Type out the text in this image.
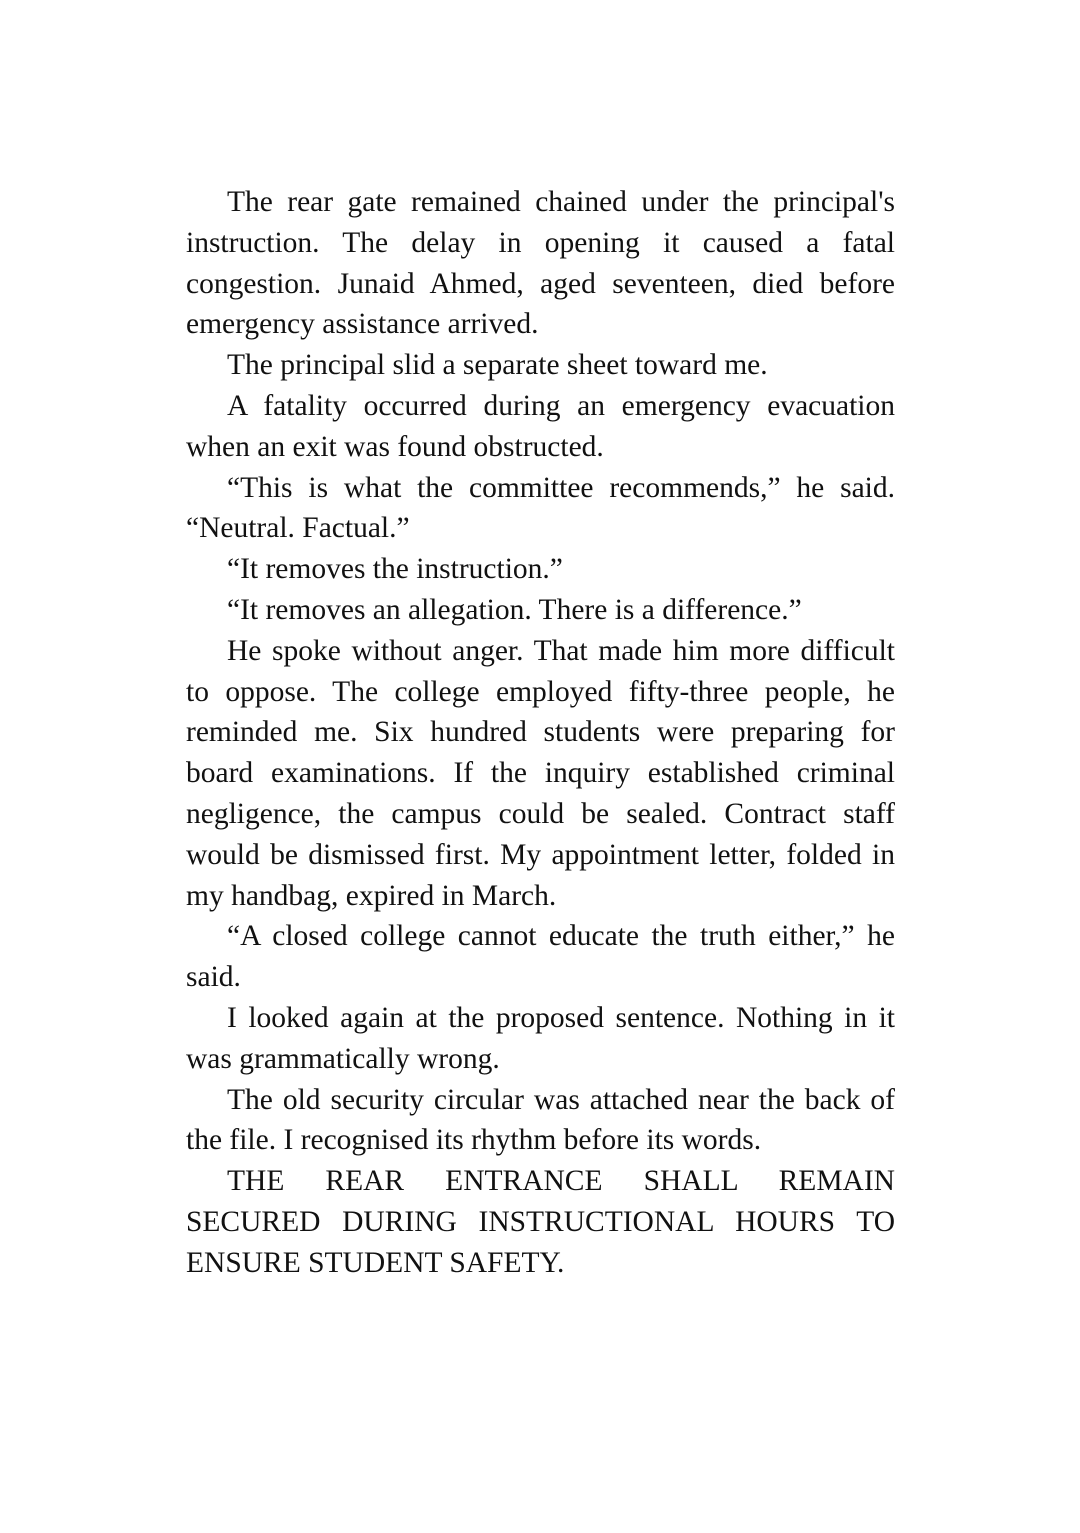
The rear gate remained chained under the principal's instruction. The delay in opening it caused a fatal congestion. Junaid Ahmed, aged seventeen, died before emergency assistance arrived.

The principal slid a separate sheet toward me.

A fatality occurred during an emergency evacuation when an exit was found obstructed.

“This is what the committee recommends,” he said. “Neutral. Factual.”

“It removes the instruction.”

“It removes an allegation. There is a difference.”

He spoke without anger. That made him more difficult to oppose. The college employed fifty-three people, he reminded me. Six hundred students were preparing for board examinations. If the inquiry established criminal negligence, the campus could be sealed. Contract staff would be dismissed first. My appointment letter, folded in my handbag, expired in March.

“A closed college cannot educate the truth either,” he said.

I looked again at the proposed sentence. Nothing in it was grammatically wrong.

The old security circular was attached near the back of the file. I recognised its rhythm before its words.

THE REAR ENTRANCE SHALL REMAIN SECURED DURING INSTRUCTIONAL HOURS TO ENSURE STUDENT SAFETY.
